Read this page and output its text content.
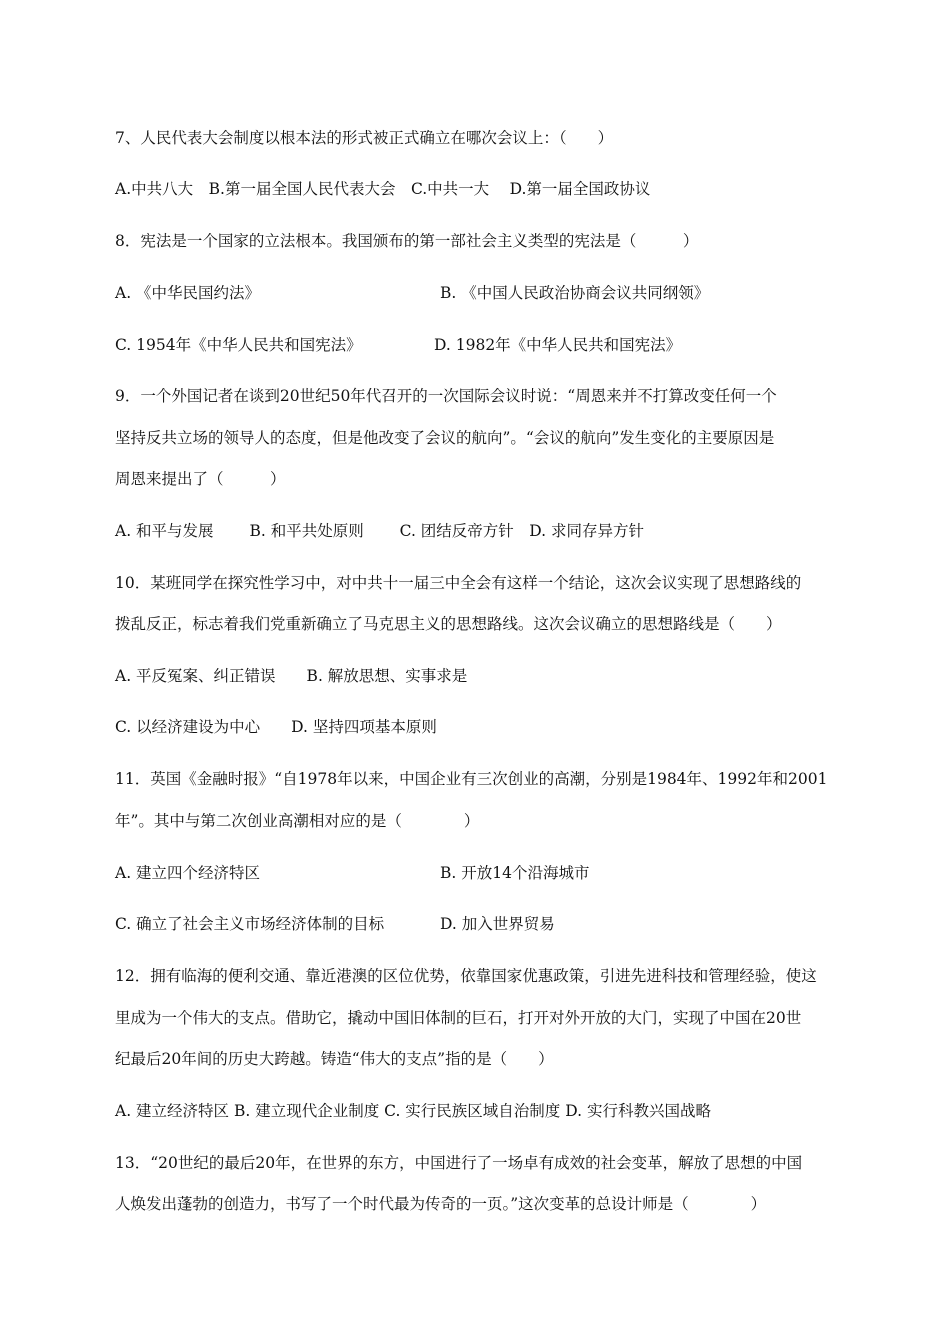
7、人民代表大会制度以根本法的形式被正式确立在哪次会议上：（　　）
A.中共八大　B.第一届全国人民代表大会　C.中共一大　 D.第一届全国政协议
8．宪法是一个国家的立法根本。我国颁布的第一部社会主义类型的宪法是（　　　）
A. 《中华民国约法》	B. 《中国人民政治协商会议共同纲领》
C. 1954年《中华人民共和国宪法》	D. 1982年《中华人民共和国宪法》
9．一个外国记者在谈到20世纪50年代召开的一次国际会议时说：“周恩来并不打算改变任何一个
坚持反共立场的领导人的态度，但是他改变了会议的航向”。“会议的航向”发生变化的主要原因是
周恩来提出了（　　　）
A. 和平与发展　　 B. 和平共处原则　　 C. 团结反帝方针　D. 求同存异方针
10．某班同学在探究性学习中，对中共十一届三中全会有这样一个结论，这次会议实现了思想路线的
拨乱反正，标志着我们党重新确立了马克思主义的思想路线。这次会议确立的思想路线是（　　）
A. 平反冤案、纠正错误　　B. 解放思想、实事求是
C. 以经济建设为中心　　D. 坚持四项基本原则
11．英国《金融时报》“自1978年以来，中国企业有三次创业的高潮，分别是1984年、1992年和2001
年”。其中与第二次创业高潮相对应的是（　　　　）
A. 建立四个经济特区	B. 开放14个沿海城市
C. 确立了社会主义市场经济体制的目标	D. 加入世界贸易
12．拥有临海的便利交通、靠近港澳的区位优势，依靠国家优惠政策，引进先进科技和管理经验，使这
里成为一个伟大的支点。借助它，撬动中国旧体制的巨石，打开对外开放的大门，实现了中国在20世
纪最后20年间的历史大跨越。铸造“伟大的支点”指的是（　　）
A. 建立经济特区 B. 建立现代企业制度 C. 实行民族区域自治制度 D. 实行科教兴国战略
13．“20世纪的最后20年，在世界的东方，中国进行了一场卓有成效的社会变革，解放了思想的中国
人焕发出蓬勃的创造力，书写了一个时代最为传奇的一页。”这次变革的总设计师是（　　　　）
